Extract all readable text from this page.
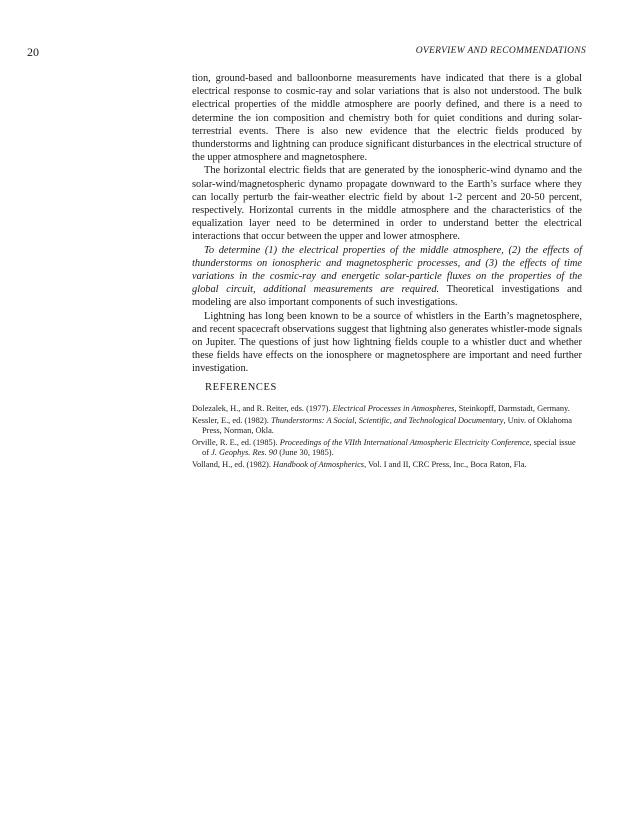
20	OVERVIEW AND RECOMMENDATIONS

tion, ground-based and balloonborne measurements have indicated that there is a global electrical response to cosmic-ray and solar variations that is also not understood. The bulk electrical properties of the middle atmosphere are poorly defined, and there is a need to determine the ion composition and chemistry both for quiet conditions and during solar-terrestrial events. There is also new evidence that the electric fields produced by thunderstorms and lightning can produce significant disturbances in the electrical structure of the upper atmosphere and magnetosphere.

The horizontal electric fields that are generated by the ionospheric-wind dynamo and the solar-wind/magnetospheric dynamo propagate downward to the Earth’s surface where they can locally perturb the fair-weather electric field by about 1-2 percent and 20-50 percent, respectively. Horizontal currents in the middle atmosphere and the characteristics of the equalization layer need to be determined in order to understand better the electrical interactions that occur between the upper and lower atmosphere.

To determine (1) the electrical properties of the middle atmosphere, (2) the effects of thunderstorms on ionospheric and magnetospheric processes, and (3) the effects of time variations in the cosmic-ray and energetic solar-particle fluxes on the properties of the global circuit, additional measurements are required. Theoretical investigations and modeling are also important components of such investigations.

Lightning has long been known to be a source of whistlers in the Earth’s magnetosphere, and recent spacecraft observations suggest that lightning also generates whistler-mode signals on Jupiter. The questions of just how lightning fields couple to a whistler duct and whether these fields have effects on the ionosphere or magnetosphere are important and need further investigation.

REFERENCES
Dolezalek, H., and R. Reiter, eds. (1977). Electrical Processes in Atmospheres, Steinkopff, Darmstadt, Germany.
Kessler, E., ed. (1982). Thunderstorms: A Social, Scientific, and Technological Documentary, Univ. of Oklahoma Press, Norman, Okla.
Orville, R. E., ed. (1985). Proceedings of the VIIth International Atmospheric Electricity Conference, special issue of J. Geophys. Res. 90 (June 30, 1985).
Volland, H., ed. (1982). Handbook of Atmospherics, Vol. I and II, CRC Press, Inc., Boca Raton, Fla.
